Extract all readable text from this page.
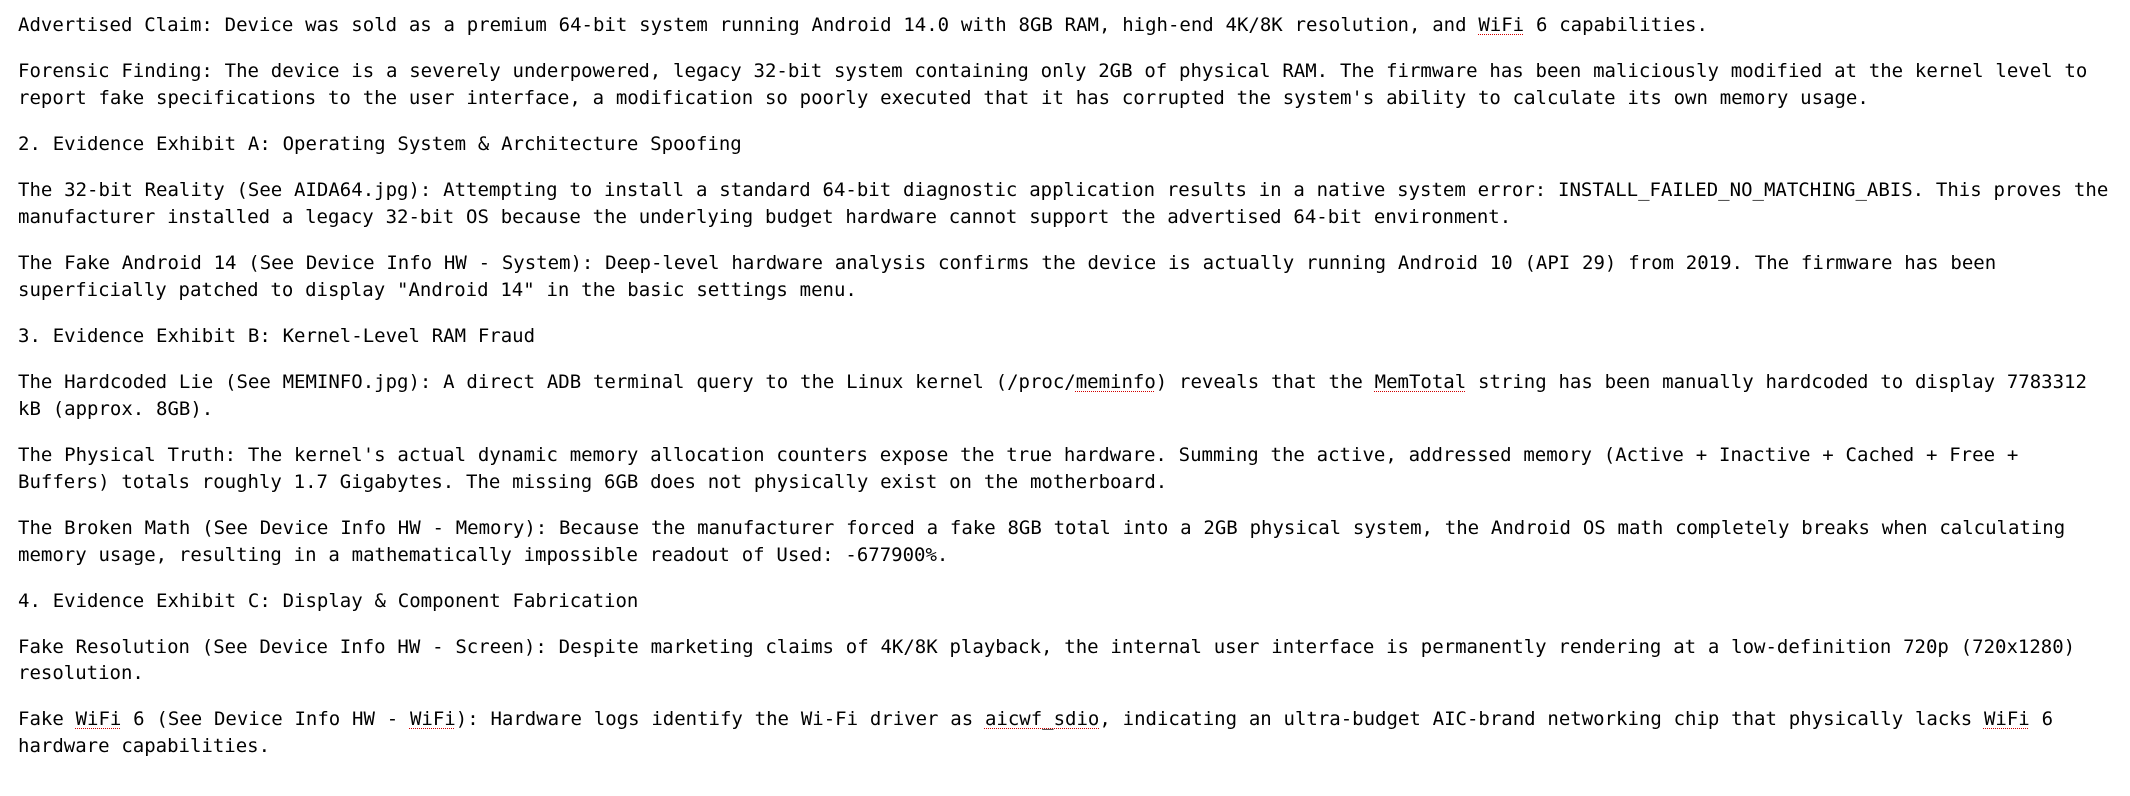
Advertised Claim: Device was sold as a premium 64-bit system running Android 14.0 with 8GB RAM, high-end 4K/8K resolution, and WiFi 6 capabilities.

Forensic Finding: The device is a severely underpowered, legacy 32-bit system containing only 2GB of physical RAM. The firmware has been maliciously modified at the kernel level to report fake specifications to the user interface, a modification so poorly executed that it has corrupted the system's ability to calculate its own memory usage.

2. Evidence Exhibit A: Operating System & Architecture Spoofing

The 32-bit Reality (See AIDA64.jpg): Attempting to install a standard 64-bit diagnostic application results in a native system error: INSTALL_FAILED_NO_MATCHING_ABIS. This proves the manufacturer installed a legacy 32-bit OS because the underlying budget hardware cannot support the advertised 64-bit environment.

The Fake Android 14 (See Device Info HW - System): Deep-level hardware analysis confirms the device is actually running Android 10 (API 29) from 2019. The firmware has been superficially patched to display "Android 14" in the basic settings menu.

3. Evidence Exhibit B: Kernel-Level RAM Fraud

The Hardcoded Lie (See MEMINFO.jpg): A direct ADB terminal query to the Linux kernel (/proc/meminfo) reveals that the MemTotal string has been manually hardcoded to display 7783312 kB (approx. 8GB).

The Physical Truth: The kernel's actual dynamic memory allocation counters expose the true hardware. Summing the active, addressed memory (Active + Inactive + Cached + Free + Buffers) totals roughly 1.7 Gigabytes. The missing 6GB does not physically exist on the motherboard.

The Broken Math (See Device Info HW - Memory): Because the manufacturer forced a fake 8GB total into a 2GB physical system, the Android OS math completely breaks when calculating memory usage, resulting in a mathematically impossible readout of Used: -677900%.

4. Evidence Exhibit C: Display & Component Fabrication

Fake Resolution (See Device Info HW - Screen): Despite marketing claims of 4K/8K playback, the internal user interface is permanently rendering at a low-definition 720p (720x1280) resolution.

Fake WiFi 6 (See Device Info HW - WiFi): Hardware logs identify the Wi-Fi driver as aicwf_sdio, indicating an ultra-budget AIC-brand networking chip that physically lacks WiFi 6 hardware capabilities.
